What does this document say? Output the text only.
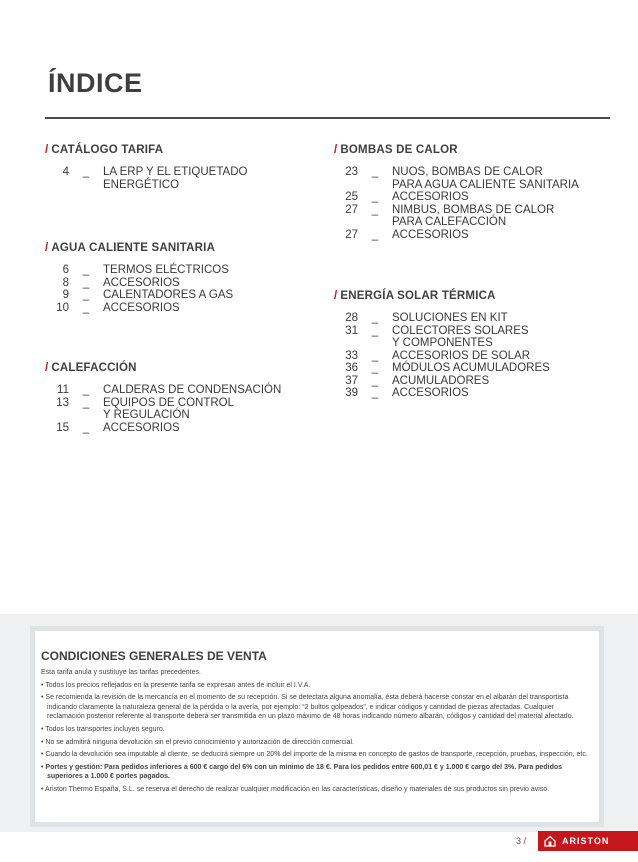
ÍNDICE
/ CATÁLOGO TARIFA
4	_	LA ERP Y EL ETIQUETADO
ENERGÉTICO
/ AGUA CALIENTE SANITARIA
6	_	TERMOS ELÉCTRICOS
8	_	ACCESORIOS
9	_	CALENTADORES A GAS
10	_	ACCESORIOS
/ CALEFACCIÓN
11	_	CALDERAS DE CONDENSACIÓN
13	_	EQUIPOS DE CONTROL
Y REGULACIÓN
15	_	ACCESORIOS
/ BOMBAS DE CALOR
23	_	NUOS, BOMBAS DE CALOR
PARA AGUA CALIENTE SANITARIA
25	_	ACCESORIOS
27	_	NIMBUS, BOMBAS DE CALOR
PARA CALEFACCIÓN
27	_	ACCESORIOS
/ ENERGÍA SOLAR TÉRMICA
28	_	SOLUCIONES EN KIT
31	_	COLECTORES SOLARES
Y COMPONENTES
33	_	ACCESORIOS DE SOLAR
36	_	MÓDULOS ACUMULADORES
37	_	ACUMULADORES
39	_	ACCESORIOS
CONDICIONES GENERALES DE VENTA

Esta tarifa anula y sustituye las tarifas precedentes.

• Todos los precios reflejados en la presente tarifa se expresan antes de incluir el I.V.A.

• Se recomienda la revisión de la mercancía en el momento de su recepción. Si se detectara alguna anomalía, ésta deberá hacerse constar en el albarán del transportista indicando claramente la naturaleza general de la pérdida o la avería, por ejemplo: “2 bultos golpeados”, e indicar códigos y cantidad de piezas afectadas. Cualquier reclamación posterior referente al transporte deberá ser transmitida en un plazo máximo de 48 horas indicando número albarán, códigos y cantidad del material afectado.

• Todos los transportes incluyen seguro.

• No se admitirá ninguna devolución sin el previo conocimiento y autorización de dirección comercial.

• Cuando la devolución sea imputable al cliente, se deducirá siempre un 20% del importe de la misma en concepto de gastos de transporte, recepción, pruebas, inspección, etc.

• Portes y gestión: Para pedidos inferiores a 600 € cargo del 6% con un mínimo de 18 €. Para los pedidos entre 600,01 € y 1.000 € cargo del 3%. Para pedidos superiores a 1.000 € portes pagados.

• Ariston Thermo España, S.L. se reserva el derecho de realizar cualquier modificación en las características, diseño y materiales de sus productos sin previo aviso.

3 /	ARISTON
